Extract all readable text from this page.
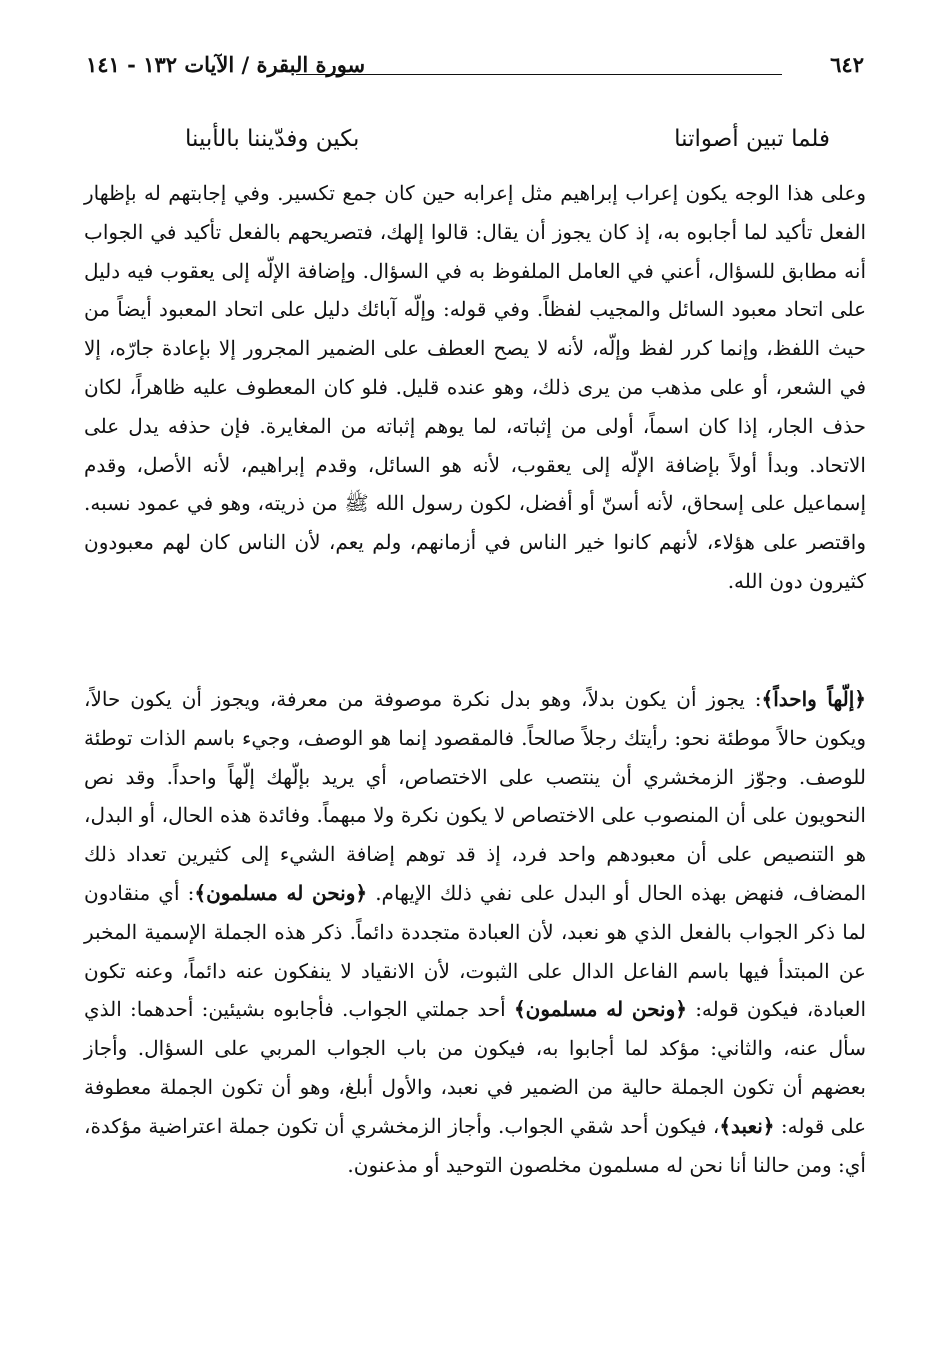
٦٤٢
سورة البقرة / الآيات ١٣٢ - ١٤١
فلما تبين أصواتنا
بكين وفدّيننا بالأبينا
وعلى هذا الوجه يكون إعراب إبراهيم مثل إعرابه حين كان جمع تكسير. وفي إجابتهم له بإظهار الفعل تأكيد لما أجابوه به، إذ كان يجوز أن يقال: قالوا إلهك، فتصريحهم بالفعل تأكيد في الجواب أنه مطابق للسؤال، أعني في العامل الملفوظ به في السؤال. وإضافة الإلّه إلى يعقوب فيه دليل على اتحاد معبود السائل والمجيب لفظاً. وفي قوله: وإلّه آبائك دليل على اتحاد المعبود أيضاً من حيث اللفظ، وإنما كرر لفظ وإلّه، لأنه لا يصح العطف على الضمير المجرور إلا بإعادة جارّه، إلا في الشعر، أو على مذهب من يرى ذلك، وهو عنده قليل. فلو كان المعطوف عليه ظاهراً، لكان حذف الجار، إذا كان اسماً، أولى من إثباته، لما يوهم إثباته من المغايرة. فإن حذفه يدل على الاتحاد. وبدأ أولاً بإضافة الإلّه إلى يعقوب، لأنه هو السائل، وقدم إبراهيم، لأنه الأصل، وقدم إسماعيل على إسحاق، لأنه أسنّ أو أفضل، لكون رسول الله ﷺ من ذريته، وهو في عمود نسبه. واقتصر على هؤلاء، لأنهم كانوا خير الناس في أزمانهم، ولم يعم، لأن الناس كان لهم معبودون كثيرون دون الله.
﴿إلّهاً واحداً﴾: يجوز أن يكون بدلاً، وهو بدل نكرة موصوفة من معرفة، ويجوز أن يكون حالاً، ويكون حالاً موطئة نحو: رأيتك رجلاً صالحاً. فالمقصود إنما هو الوصف، وجيء باسم الذات توطئة للوصف. وجوّز الزمخشري أن ينتصب على الاختصاص، أي يريد بإلّهك إلّهاً واحداً. وقد نص النحويون على أن المنصوب على الاختصاص لا يكون نكرة ولا مبهماً. وفائدة هذه الحال، أو البدل، هو التنصيص على أن معبودهم واحد فرد، إذ قد توهم إضافة الشيء إلى كثيرين تعداد ذلك المضاف، فنهض بهذه الحال أو البدل على نفي ذلك الإيهام. ﴿ونحن له مسلمون﴾: أي منقادون لما ذكر الجواب بالفعل الذي هو نعبد، لأن العبادة متجددة دائماً. ذكر هذه الجملة الإسمية المخبر عن المبتدأ فيها باسم الفاعل الدال على الثبوت، لأن الانقياد لا ينفكون عنه دائماً، وعنه تكون العبادة، فيكون قوله: ﴿ونحن له مسلمون﴾ أحد جملتي الجواب. فأجابوه بشيئين: أحدهما: الذي سأل عنه، والثاني: مؤكد لما أجابوا به، فيكون من باب الجواب المربي على السؤال. وأجاز بعضهم أن تكون الجملة حالية من الضمير في نعبد، والأول أبلغ، وهو أن تكون الجملة معطوفة على قوله: ﴿نعبد﴾، فيكون أحد شقي الجواب. وأجاز الزمخشري أن تكون جملة اعتراضية مؤكدة، أي: ومن حالنا أنا نحن له مسلمون مخلصون التوحيد أو مذعنون.
